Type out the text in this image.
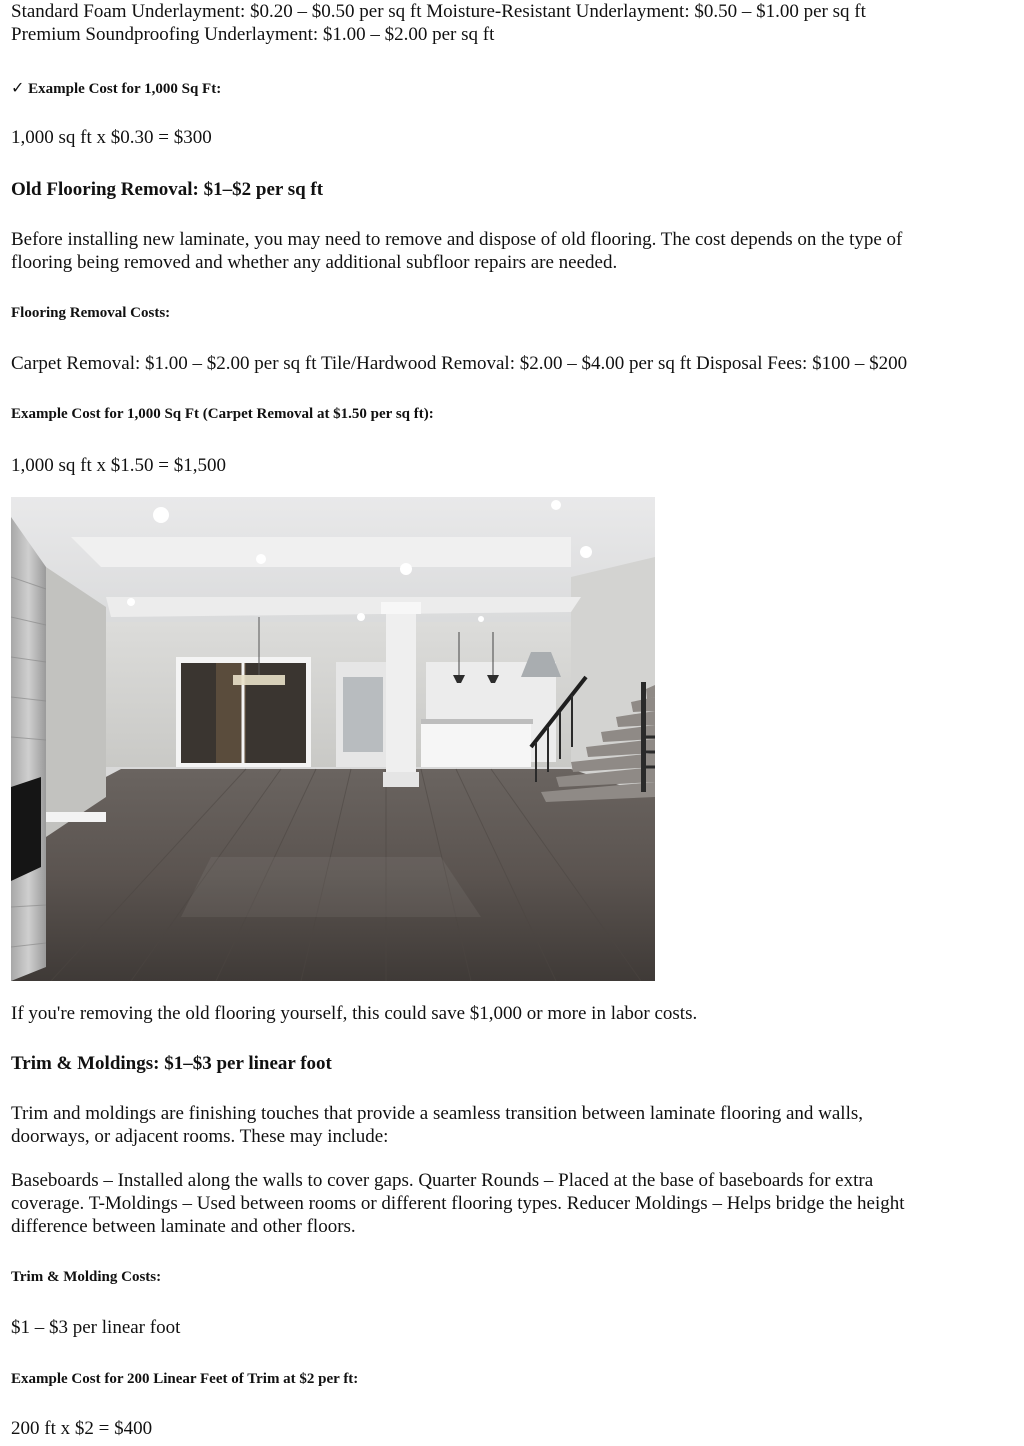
Standard Foam Underlayment: $0.20 – $0.50 per sq ft Moisture-Resistant Underlayment: $0.50 – $1.00 per sq ft

Premium Soundproofing Underlayment: $1.00 – $2.00 per sq ft

✓ Example Cost for 1,000 Sq Ft:

1,000 sq ft x $0.30 = $300

Old Flooring Removal: $1–$2 per sq ft

Before installing new laminate, you may need to remove and dispose of old flooring. The cost depends on the type of

flooring being removed and whether any additional subfloor repairs are needed.

Flooring Removal Costs:

Carpet Removal: $1.00 – $2.00 per sq ft Tile/Hardwood Removal: $2.00 – $4.00 per sq ft Disposal Fees: $100 – $200

Example Cost for 1,000 Sq Ft (Carpet Removal at $1.50 per sq ft):

1,000 sq ft x $1.50 = $1,500

If you're removing the old flooring yourself, this could save $1,000 or more in labor costs.

Trim & Moldings: $1–$3 per linear foot

Trim and moldings are finishing touches that provide a seamless transition between laminate flooring and walls,

doorways, or adjacent rooms. These may include:

Baseboards – Installed along the walls to cover gaps. Quarter Rounds – Placed at the base of baseboards for extra

coverage. T-Moldings – Used between rooms or different flooring types. Reducer Moldings – Helps bridge the height

difference between laminate and other floors.

Trim & Molding Costs:

$1 – $3 per linear foot

Example Cost for 200 Linear Feet of Trim at $2 per ft:

200 ft x $2 = $400
